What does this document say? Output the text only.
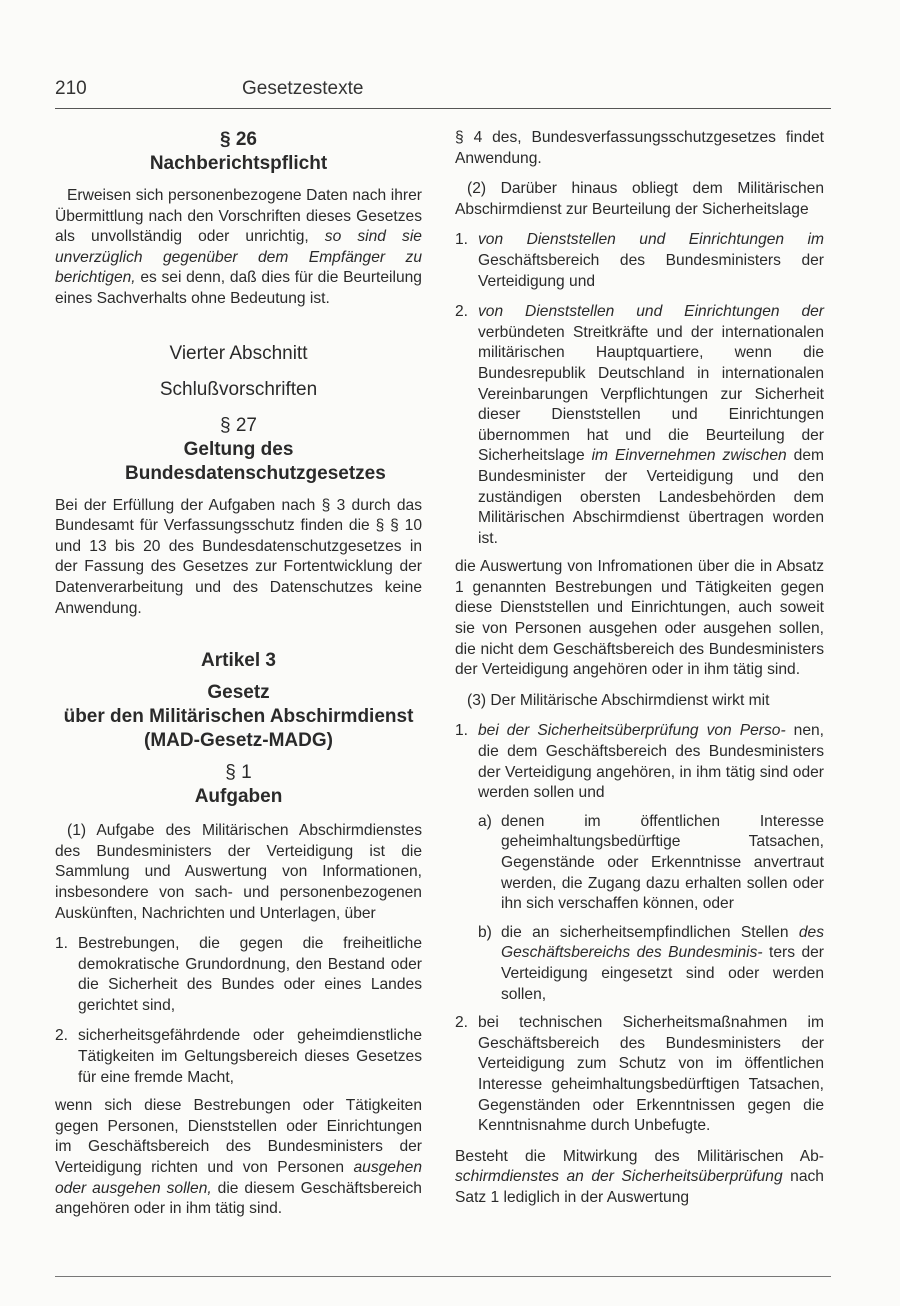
210	Gesetzestexte
§ 26
Nachberichtspflicht

Erweisen sich personenbezogene Daten nach ihrer Übermittlung nach den Vorschriften dieses Gesetzes als unvollständig oder unrichtig, so sind sie unverzüglich gegenüber dem Empfänger zu berichtigen, es sei denn, daß dies für die Beurteilung eines Sachverhalts ohne Bedeutung ist.

Vierter Abschnitt
Schlußvorschriften
§ 27
Geltung des Bundesdatenschutzgesetzes

Bei der Erfüllung der Aufgaben nach § 3 durch das Bundesamt für Verfassungsschutz finden die § § 10 und 13 bis 20 des Bundesdatenschutzgesetzes in der Fassung des Gesetzes zur Fortentwicklung der Datenverarbeitung und des Datenschutzes keine Anwendung.

Artikel 3
Gesetz
über den Militärischen Abschirmdienst
(MAD-Gesetz-MADG)
§ 1
Aufgaben

(1) Aufgabe des Militärischen Abschirmdienstes des Bundesministers der Verteidigung ist die Sammlung und Auswertung von Informationen, insbesondere von sach- und personenbezogenen Auskünften, Nachrichten und Unterlagen, über

1. Bestrebungen, die gegen die freiheitliche demokratische Grundordnung, den Bestand oder die Sicherheit des Bundes oder eines Landes gerichtet sind,
2. sicherheitsgefährdende oder geheimdienstliche Tätigkeiten im Geltungsbereich dieses Gesetzes für eine fremde Macht,

wenn sich diese Bestrebungen oder Tätigkeiten gegen Personen, Dienststellen oder Einrichtungen im Geschäftsbereich des Bundesministers der Verteidigung richten und von Personen ausgehen oder ausgehen sollen, die diesem Geschäftsbereich angehören oder in ihm tätig sind.

§ 4 des, Bundesverfassungsschutzgesetzes findet Anwendung.

(2) Darüber hinaus obliegt dem Militärischen Abschirmdienst zur Beurteilung der Sicherheitslage

1. von Dienststellen und Einrichtungen im Geschäftsbereich des Bundesministers der Verteidigung und
2. von Dienststellen und Einrichtungen der verbündeten Streitkräfte und der internationalen militärischen Hauptquartiere, wenn die Bundesrepublik Deutschland in internationalen Vereinbarungen Verpflichtungen zur Sicherheit dieser Dienststellen und Einrichtungen übernommen hat und die Beurteilung der Sicherheitslage im Einvernehmen zwischen dem Bundesminister der Verteidigung und den zuständigen obersten Landesbehörden dem Militärischen Abschirmdienst übertragen worden ist.

die Auswertung von Infromationen über die in Absatz 1 genannten Bestrebungen und Tätigkeiten gegen diese Dienststellen und Einrichtungen, auch soweit sie von Personen ausgehen oder ausgehen sollen, die nicht dem Geschäftsbereich des Bundesministers der Verteidigung angehören oder in ihm tätig sind.

(3) Der Militärische Abschirmdienst wirkt mit

1. bei der Sicherheitsüberprüfung von Perso- nen, die dem Geschäftsbereich des Bundesministers der Verteidigung angehören, in ihm tätig sind oder werden sollen und
a) denen im öffentlichen Interesse geheimhaltungsbedürftige Tatsachen, Gegenstände oder Erkenntnisse anvertraut werden, die Zugang dazu erhalten sollen oder ihn sich verschaffen können, oder
b) die an sicherheitsempfindlichen Stellen des Geschäftsbereichs des Bundesminis- ters der Verteidigung eingesetzt sind oder werden sollen,
2. bei technischen Sicherheitsmaßnahmen im Geschäftsbereich des Bundesministers der Verteidigung zum Schutz von im öffentlichen Interesse geheimhaltungsbedürftigen Tatsachen, Gegenständen oder Erkenntnissen gegen die Kenntnisnahme durch Unbefugte.

Besteht die Mitwirkung des Militärischen Ab- schirmdienstes an der Sicherheitsüberprüfung nach Satz 1 lediglich in der Auswertung
